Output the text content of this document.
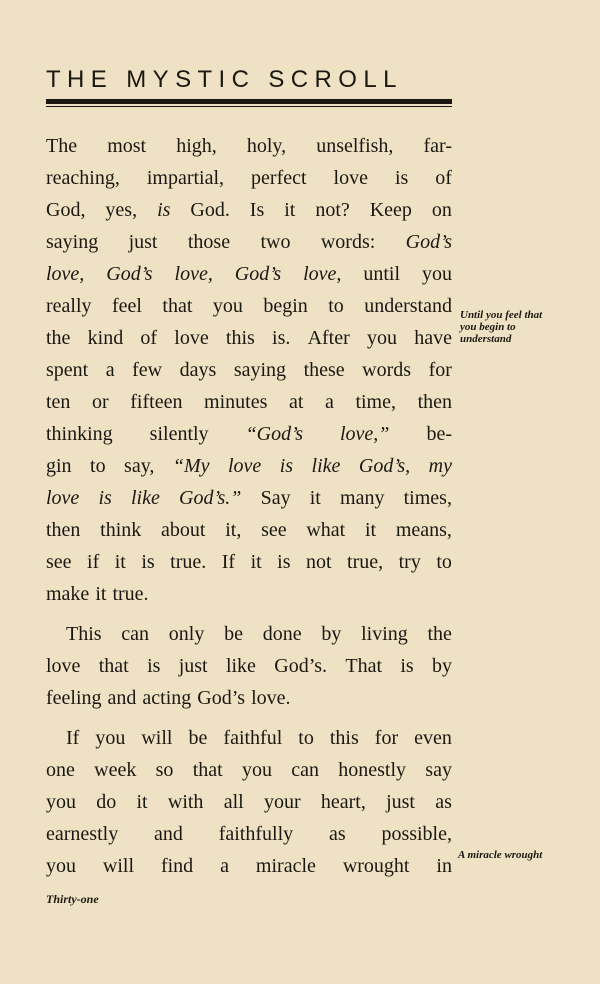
THE MYSTIC SCROLL
The most high, holy, unselfish, far-
reaching, impartial, perfect love is of
God, yes, is God. Is it not? Keep on
saying just those two words: God’s
love, God’s love, God’s love, until you
really feel that you begin to understand
the kind of love this is. After you have
spent a few days saying these words for
ten or fifteen minutes at a time, then
thinking silently “God’s love,” be-
gin to say, “My love is like God’s, my
love is like God’s.” Say it many times,
then think about it, see what it means,
see if it is true. If it is not true, try to
make it true.
This can only be done by living the
love that is just like God’s. That is by
feeling and acting God’s love.
If you will be faithful to this for even
one week so that you can honestly say
you do it with all your heart, just as
earnestly and faithfully as possible,
you will find a miracle wrought in
Until you feel that
you begin to
understand
A miracle wrought
Thirty-one
